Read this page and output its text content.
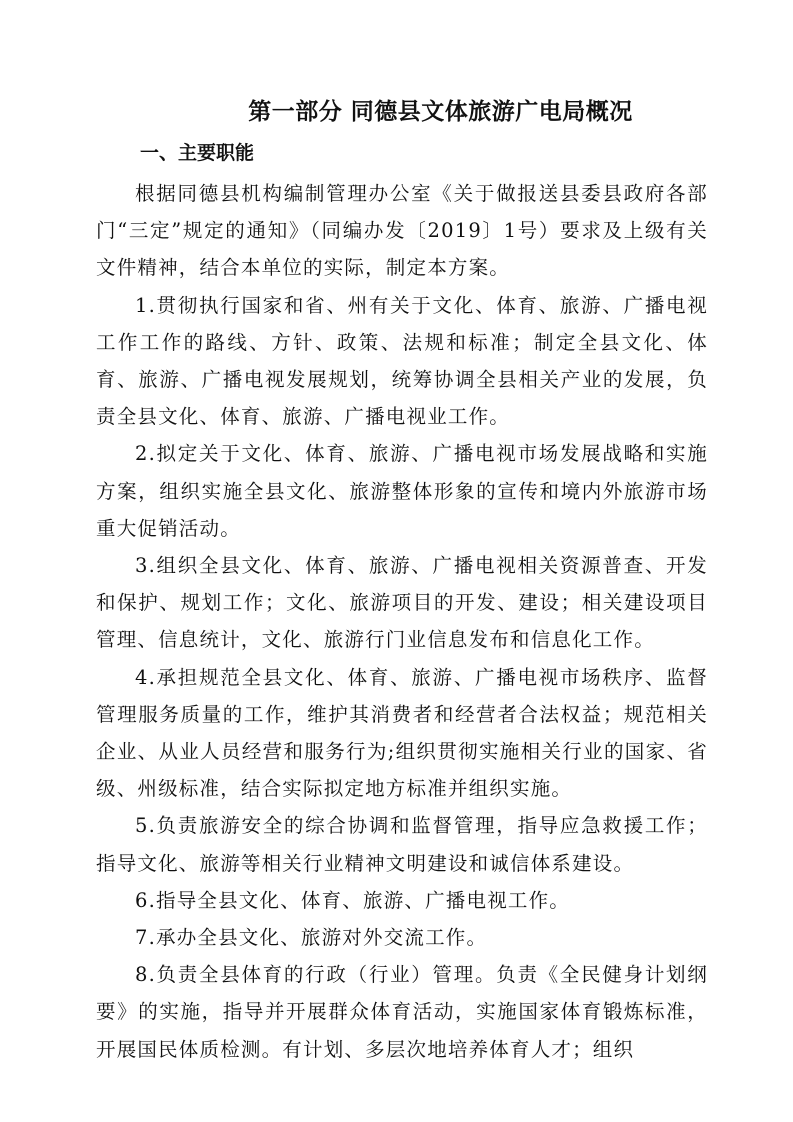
第一部分 同德县文体旅游广电局概况
一、主要职能

根据同德县机构编制管理办公室《关于做报送县委县政府各部门“三定”规定的通知》（同编办发〔2019〕1号）要求及上级有关文件精神，结合本单位的实际，制定本方案。

1.贯彻执行国家和省、州有关于文化、体育、旅游、广播电视工作工作的路线、方针、政策、法规和标准；制定全县文化、体育、旅游、广播电视发展规划，统筹协调全县相关产业的发展，负责全县文化、体育、旅游、广播电视业工作。

2.拟定关于文化、体育、旅游、广播电视市场发展战略和实施方案，组织实施全县文化、旅游整体形象的宣传和境内外旅游市场重大促销活动。

3.组织全县文化、体育、旅游、广播电视相关资源普查、开发和保护、规划工作；文化、旅游项目的开发、建设；相关建设项目管理、信息统计，文化、旅游行门业信息发布和信息化工作。

4.承担规范全县文化、体育、旅游、广播电视市场秩序、监督管理服务质量的工作，维护其消费者和经营者合法权益；规范相关企业、从业人员经营和服务行为;组织贯彻实施相关行业的国家、省级、州级标准，结合实际拟定地方标准并组织实施。

5.负责旅游安全的综合协调和监督管理，指导应急救援工作；指导文化、旅游等相关行业精神文明建设和诚信体系建设。

6.指导全县文化、体育、旅游、广播电视工作。

7.承办全县文化、旅游对外交流工作。

8.负责全县体育的行政（行业）管理。负责《全民健身计划纲要》的实施，指导并开展群众体育活动，实施国家体育锻炼标准，开展国民体质检测。有计划、多层次地培养体育人才；组织
